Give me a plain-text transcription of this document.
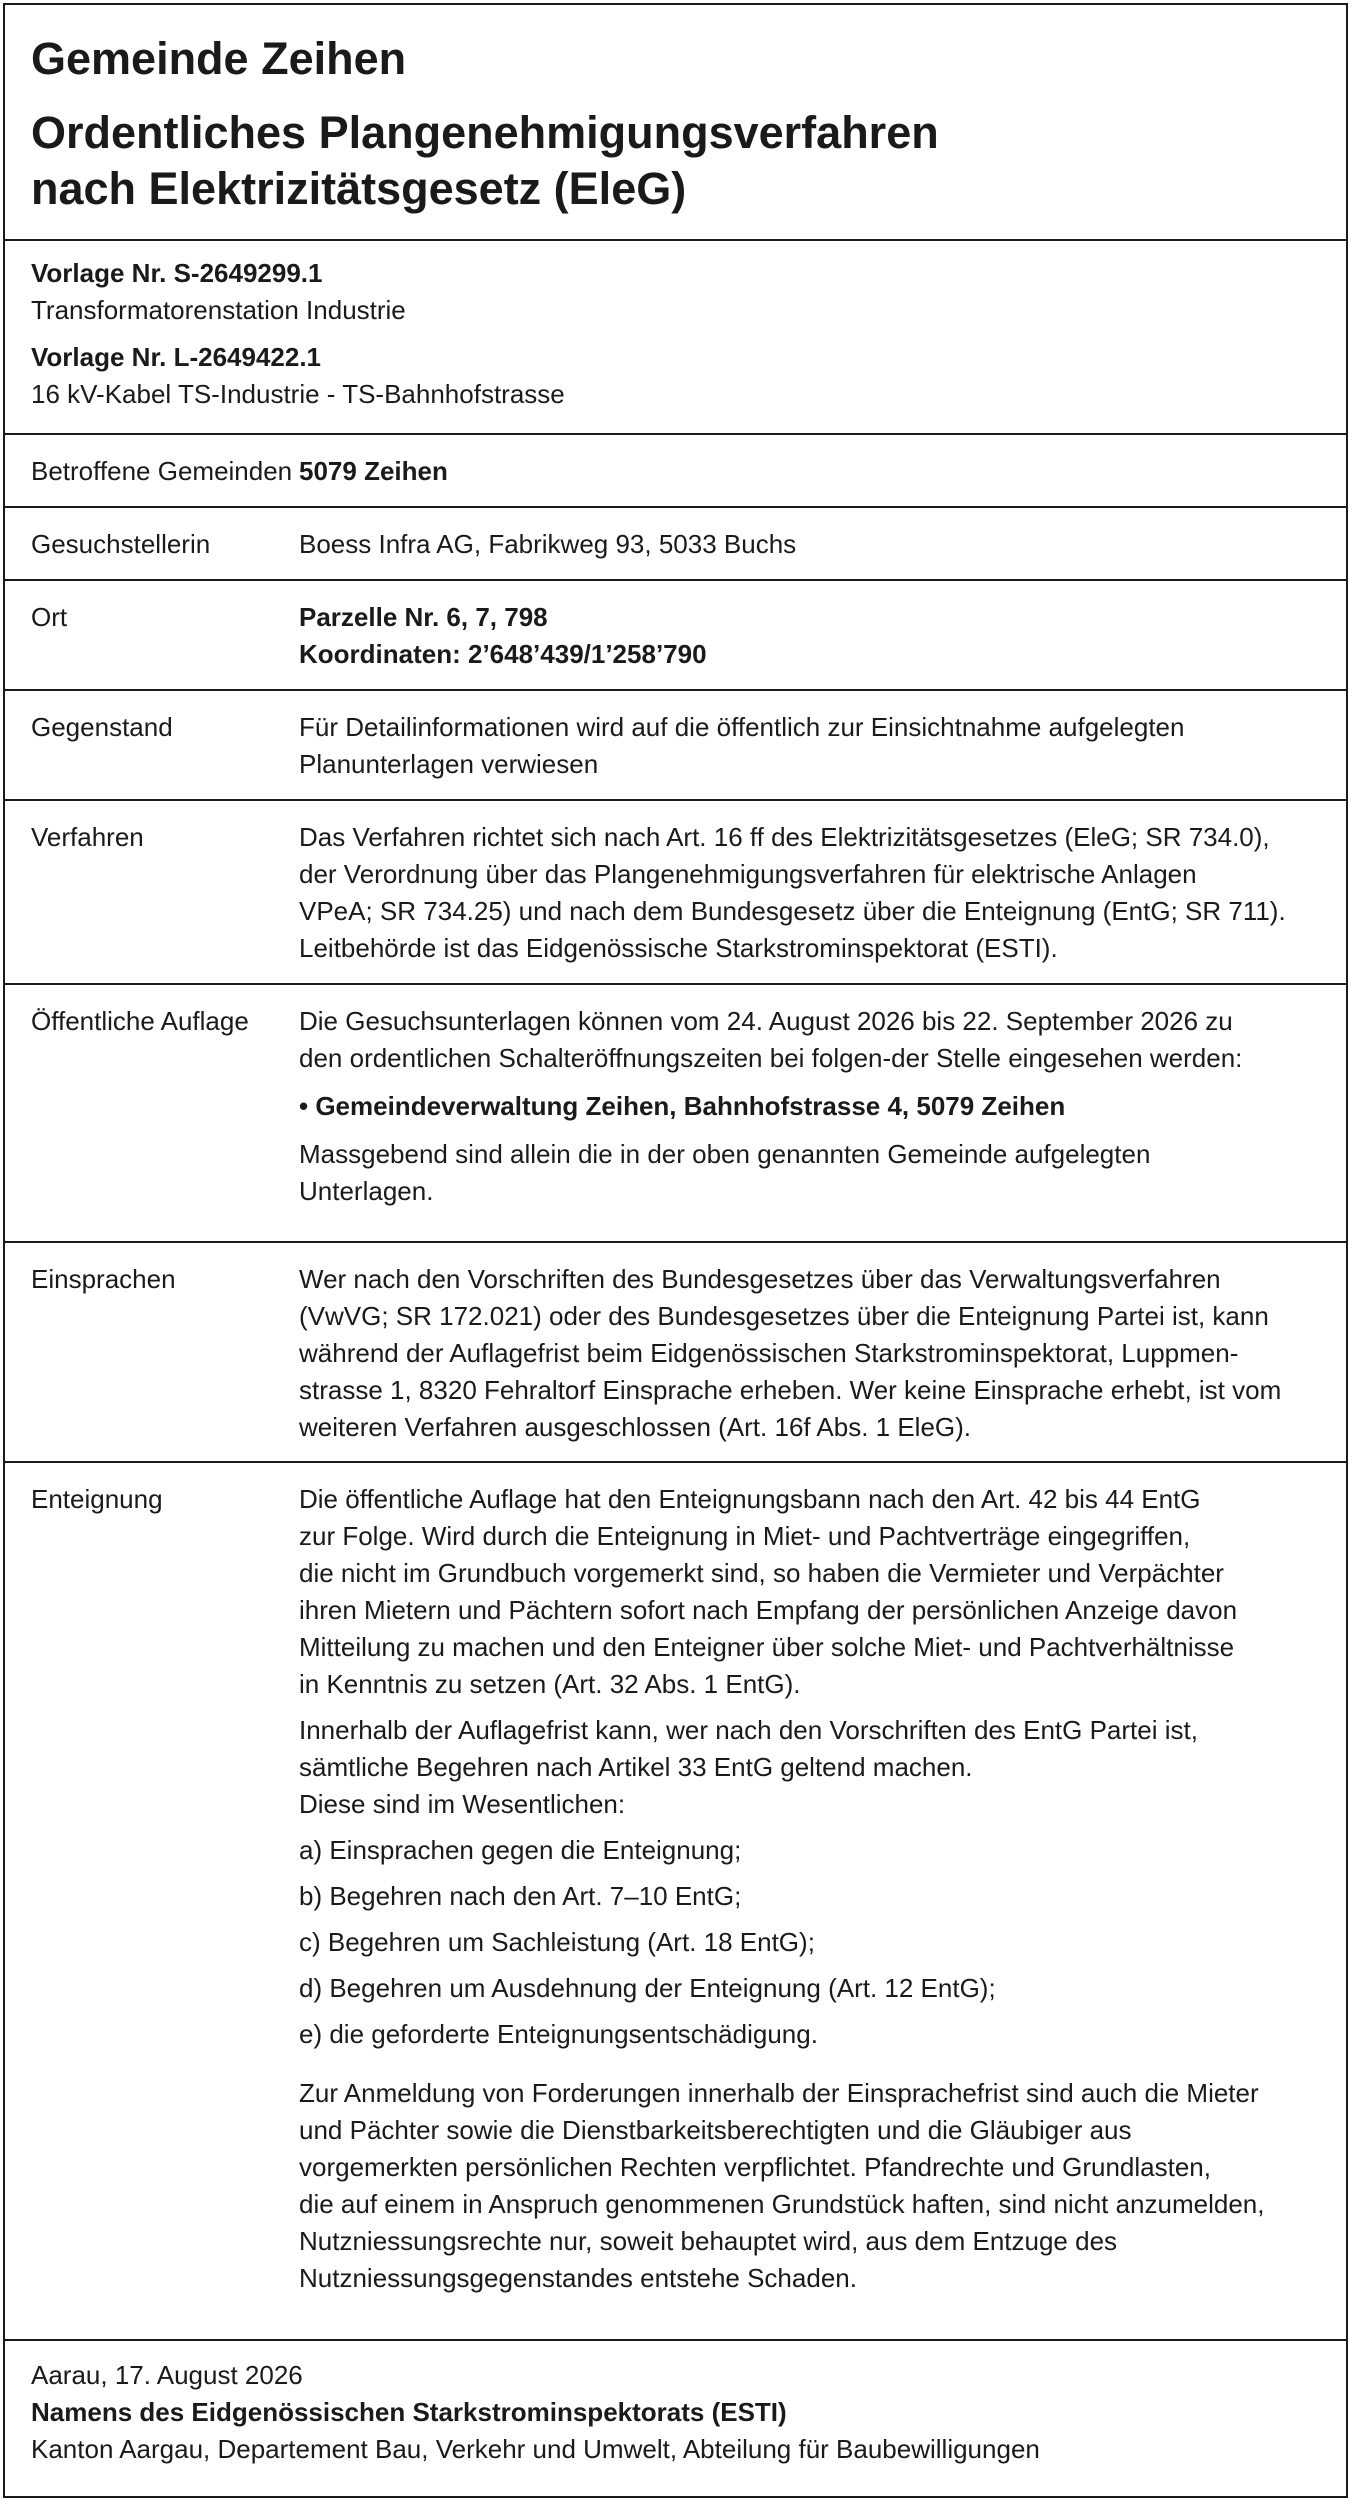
Gemeinde Zeihen
Ordentliches Plangenehmigungsverfahren
nach Elektrizitätsgesetz (EleG)
Vorlage Nr. S-2649299.1
Transformatorenstation Industrie
Vorlage Nr. L-2649422.1
16 kV-Kabel TS-Industrie - TS-Bahnhofstrasse
Betroffene Gemeinden 5079 Zeihen
Gesuchstellerin	Boess Infra AG, Fabrikweg 93, 5033 Buchs
Ort	Parzelle Nr. 6, 7, 798
Koordinaten: 2’648’439/1’258’790
Gegenstand	Für Detailinformationen wird auf die öffentlich zur Einsichtnahme aufgelegten
Planunterlagen verwiesen
Verfahren	Das Verfahren richtet sich nach Art. 16 ff des Elektrizitätsgesetzes (EleG; SR 734.0),
der Verordnung über das Plangenehmigungsverfahren für elektrische Anlagen
VPeA; SR 734.25) und nach dem Bundesgesetz über die Enteignung (EntG; SR 711).
Leitbehörde ist das Eidgenössische Starkstrominspektorat (ESTI).
Öffentliche Auflage	Die Gesuchsunterlagen können vom 24. August 2026 bis 22. September 2026 zu
den ordentlichen Schalteröffnungszeiten bei folgen-der Stelle eingesehen werden:

• Gemeindeverwaltung Zeihen, Bahnhofstrasse 4, 5079 Zeihen

Massgebend sind allein die in der oben genannten Gemeinde aufgelegten
Unterlagen.

Einsprachen	Wer nach den Vorschriften des Bundesgesetzes über das Verwaltungsverfahren
(VwVG; SR 172.021) oder des Bundesgesetzes über die Enteignung Partei ist, kann
während der Auflagefrist beim Eidgenössischen Starkstrominspektorat, Luppmen-
strasse 1, 8320 Fehraltorf Einsprache erheben. Wer keine Einsprache erhebt, ist vom
weiteren Verfahren ausgeschlossen (Art. 16f Abs. 1 EleG).
Enteignung	Die öffentliche Auflage hat den Enteignungsbann nach den Art. 42 bis 44 EntG
zur Folge. Wird durch die Enteignung in Miet- und Pachtverträge eingegriffen,
die nicht im Grundbuch vorgemerkt sind, so haben die Vermieter und Verpächter
ihren Mietern und Pächtern sofort nach Empfang der persönlichen Anzeige davon
Mitteilung zu machen und den Enteigner über solche Miet- und Pachtverhältnisse
in Kenntnis zu setzen (Art. 32 Abs. 1 EntG).

Innerhalb der Auflagefrist kann, wer nach den Vorschriften des EntG Partei ist,
sämtliche Begehren nach Artikel 33 EntG geltend machen.
Diese sind im Wesentlichen:

a) Einsprachen gegen die Enteignung;
b) Begehren nach den Art. 7–10 EntG;
c) Begehren um Sachleistung (Art. 18 EntG);
d) Begehren um Ausdehnung der Enteignung (Art. 12 EntG);
e) die geforderte Enteignungsentschädigung.

Zur Anmeldung von Forderungen innerhalb der Einsprachefrist sind auch die Mieter
und Pächter sowie die Dienstbarkeitsberechtigten und die Gläubiger aus
vorgemerkten persönlichen Rechten verpflichtet. Pfandrechte und Grundlasten,
die auf einem in Anspruch genommenen Grundstück haften, sind nicht anzumelden,
Nutzniessungsrechte nur, soweit behauptet wird, aus dem Entzuge des
Nutzniessungsgegenstandes entstehe Schaden.

Aarau, 17. August 2026
Namens des Eidgenössischen Starkstrominspektorats (ESTI)
Kanton Aargau, Departement Bau, Verkehr und Umwelt, Abteilung für Baubewilligungen
